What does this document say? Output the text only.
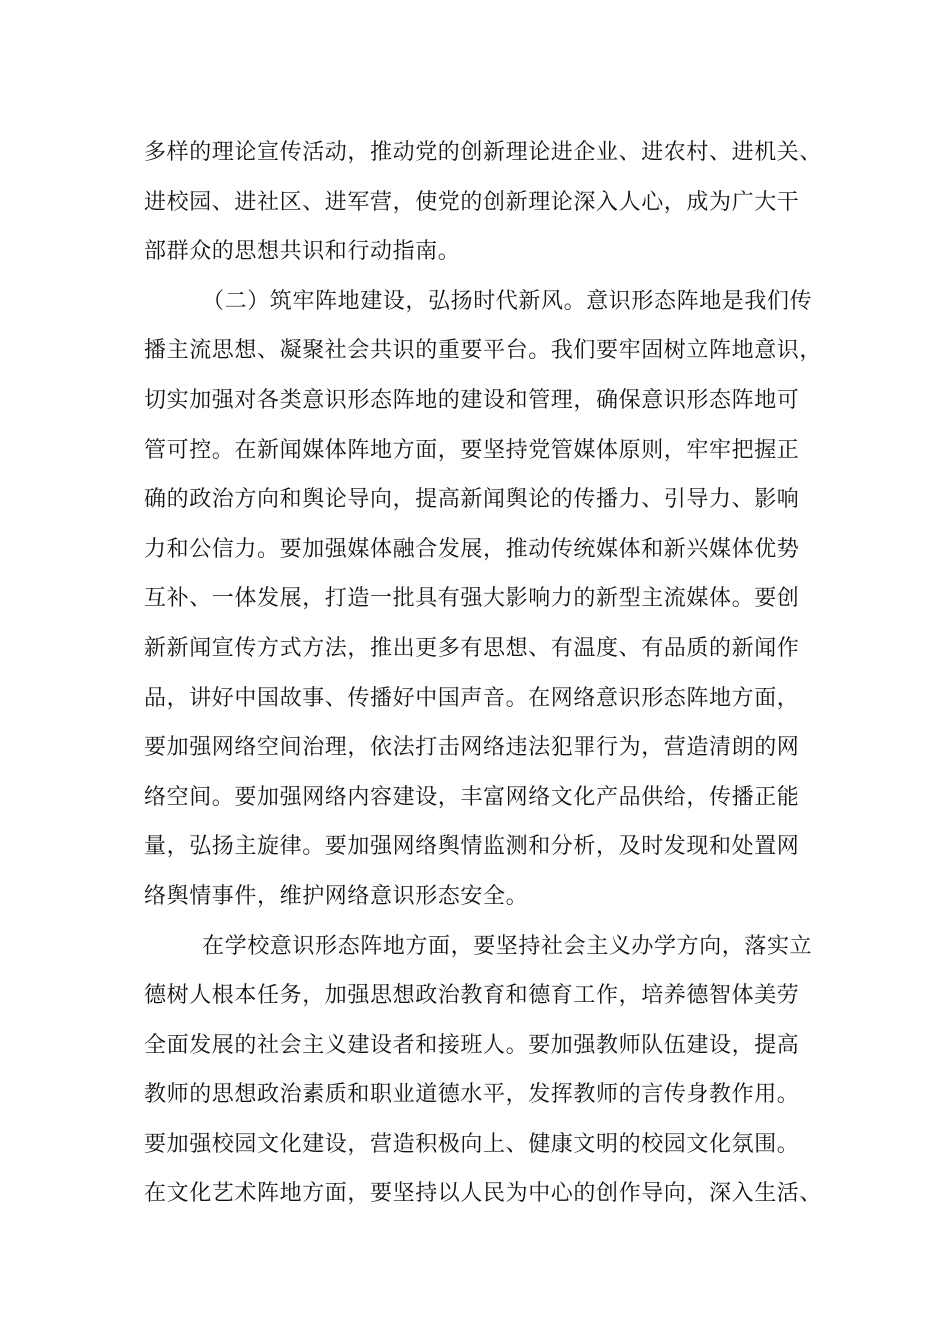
多样的理论宣传活动，推动党的创新理论进企业、进农村、进机关、
进校园、进社区、进军营，使党的创新理论深入人心，成为广大干
部群众的思想共识和行动指南。
（二）筑牢阵地建设，弘扬时代新风。意识形态阵地是我们传
播主流思想、凝聚社会共识的重要平台。我们要牢固树立阵地意识，
切实加强对各类意识形态阵地的建设和管理，确保意识形态阵地可
管可控。在新闻媒体阵地方面，要坚持党管媒体原则，牢牢把握正
确的政治方向和舆论导向，提高新闻舆论的传播力、引导力、影响
力和公信力。要加强媒体融合发展，推动传统媒体和新兴媒体优势
互补、一体发展，打造一批具有强大影响力的新型主流媒体。要创
新新闻宣传方式方法，推出更多有思想、有温度、有品质的新闻作
品，讲好中国故事、传播好中国声音。在网络意识形态阵地方面，
要加强网络空间治理，依法打击网络违法犯罪行为，营造清朗的网
络空间。要加强网络内容建设，丰富网络文化产品供给，传播正能
量，弘扬主旋律。要加强网络舆情监测和分析，及时发现和处置网
络舆情事件，维护网络意识形态安全。
在学校意识形态阵地方面，要坚持社会主义办学方向，落实立
德树人根本任务，加强思想政治教育和德育工作，培养德智体美劳
全面发展的社会主义建设者和接班人。要加强教师队伍建设，提高
教师的思想政治素质和职业道德水平，发挥教师的言传身教作用。
要加强校园文化建设，营造积极向上、健康文明的校园文化氛围。
在文化艺术阵地方面，要坚持以人民为中心的创作导向，深入生活、
